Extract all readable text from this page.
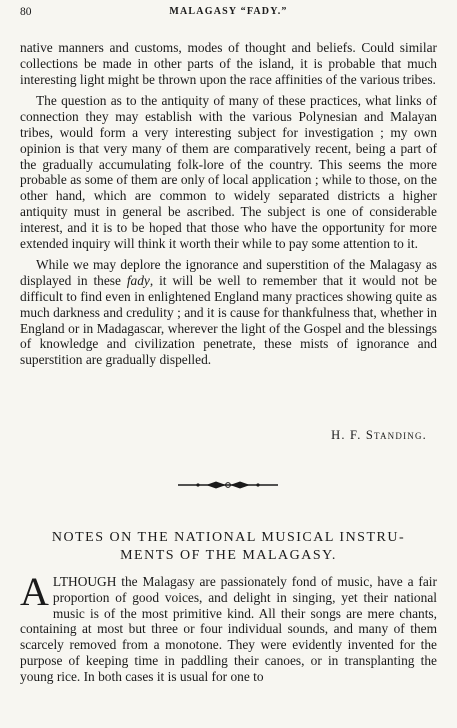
80	MALAGASY “FADY.”

native manners and customs, modes of thought and beliefs. Could similar collections be made in other parts of the island, it is probable that much interesting light might be thrown upon the race affinities of the various tribes.

The question as to the antiquity of many of these practices, what links of connection they may establish with the various Polynesian and Malayan tribes, would form a very interesting subject for investigation ; my own opinion is that very many of them are comparatively recent, being a part of the gradually accumulating folk-lore of the country. This seems the more probable as some of them are only of local application ; while to those, on the other hand, which are common to widely separated districts a higher antiquity must in general be ascribed. The subject is one of considerable interest, and it is to be hoped that those who have the opportunity for more extended inquiry will think it worth their while to pay some attention to it.

While we may deplore the ignorance and superstition of the Malagasy as displayed in these fady, it will be well to remember that it would not be difficult to find even in enlightened England many practices showing quite as much darkness and credulity ; and it is cause for thankfulness that, whether in England or in Madagascar, wherever the light of the Gospel and the blessings of knowledge and civilization penetrate, these mists of ignorance and superstition are gradually dispelled.

H. F. Standing.
NOTES ON THE NATIONAL MUSICAL INSTRU-
MENTS OF THE MALAGASY.
ALTHOUGH the Malagasy are passionately fond of music, have a fair proportion of good voices, and delight in singing, yet their national music is of the most primitive kind. All their songs are mere chants, containing at most but three or four individual sounds, and many of them scarcely removed from a monotone. They were evidently invented for the purpose of keeping time in paddling their canoes, or in transplanting the young rice. In both cases it is usual for one to
